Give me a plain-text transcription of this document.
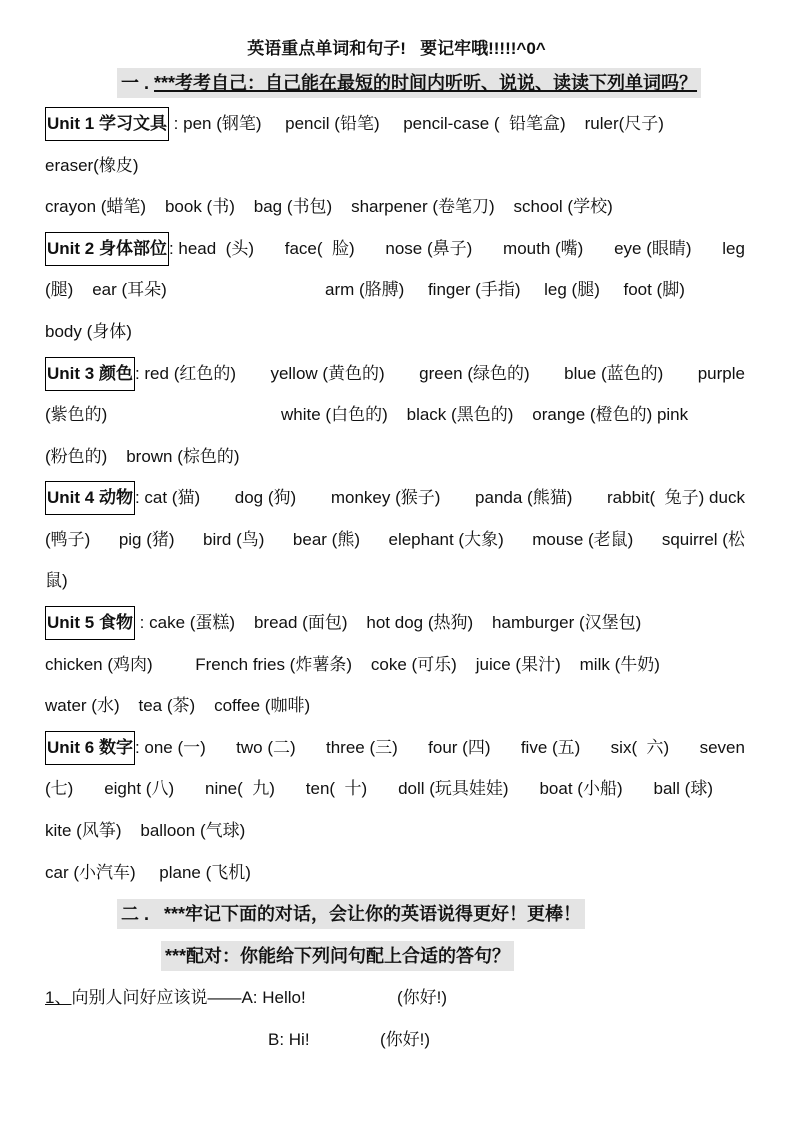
英语重点单词和句子!   要记牢哦!!!!!^0^
一 . ***考考自己：自己能在最短的时间内听听、说说、读读下列单词吗？
Unit 1 学习文具 : pen (钢笔)     pencil (铅笔)     pencil-case (  铅笔盒)    ruler(尺子)
eraser(橡皮)
crayon (蜡笔)    book (书)    bag (书包)    sharpener (卷笔刀)    school (学校)
Unit 2 身体部位 : head  (头) face(  脸) nose (鼻子) mouth (嘴) eye (眼睛) leg
(腿)    ear (耳朵)	arm (胳膊)     finger (手指)     leg (腿)     foot (脚)
body (身体)
Unit 3 颜色 : red (红色的) yellow (黄色的) green (绿色的) blue (蓝色的) purple
(紫色的)	white (白色的)    black (黑色的)    orange (橙色的) pink
(粉色的)    brown (棕色的)
Unit 4 动物 : cat (猫) dog (狗) monkey (猴子) panda (熊猫) rabbit(  兔子) duck
(鸭子) pig (猪) bird (鸟) bear (熊) elephant (大象) mouse (老鼠) squirrel (松
鼠)
Unit 5 食物 : cake (蛋糕)    bread (面包)    hot dog (热狗)    hamburger (汉堡包)
chicken (鸡肉)         French fries (炸薯条)    coke (可乐)    juice (果汁)    milk (牛奶)
water (水)    tea (茶)    coffee (咖啡)
Unit 6 数字 : one (一) two (二) three (三) four (四) five (五) six(  六) seven
(七) eight (八) nine(  九) ten(  十) doll (玩具娃娃) boat (小船) ball (球)
kite (风筝)    balloon (气球)
car (小汽车)     plane (飞机)
二 .   ***牢记下面的对话，会让你的英语说得更好！更棒！
***配对：你能给下列问句配上合适的答句？
1、向别人问好应该说——A: Hello!	(你好!)
B: Hi!	(你好!)
